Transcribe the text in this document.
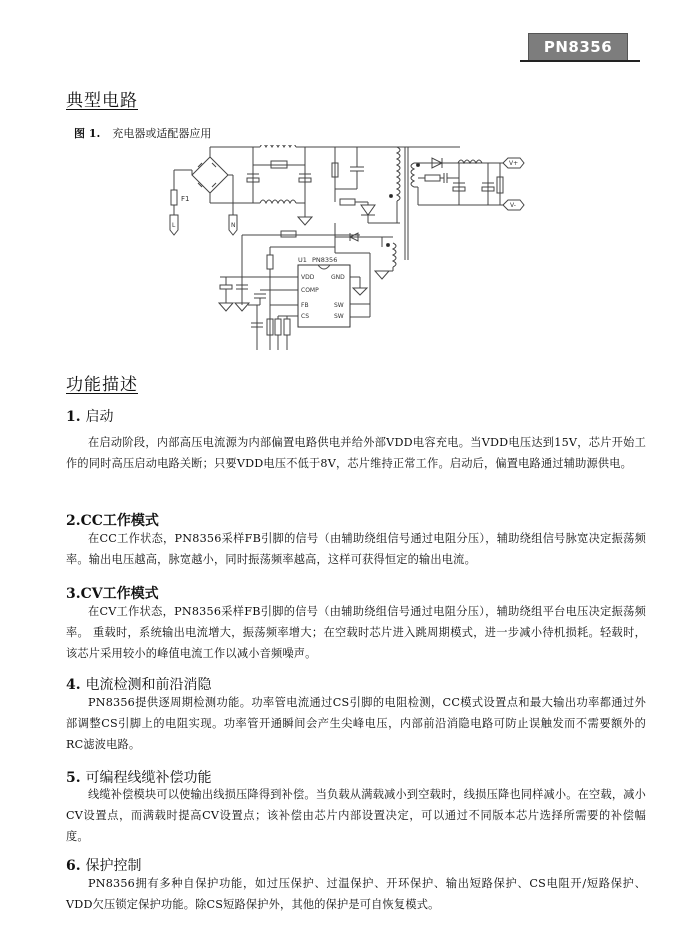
PN8356
典型电路
图 1. 充电器或适配器应用
F1
L	N
U1 PN8356
VDD
COMP
FB
CS
GND
SW
SW
V+
V-
功能描述
1. 启动
在启动阶段，内部高压电流源为内部偏置电路供电并给外部VDD电容充电。当VDD电压达到15V，芯片开始工作的同时高压启动电路关断；只要VDD电压不低于8V，芯片维持正常工作。启动后，偏置电路通过辅助源供电。
2.CC工作模式
在CC工作状态，PN8356采样FB引脚的信号（由辅助绕组信号通过电阻分压），辅助绕组信号脉宽决定振荡频率。输出电压越高，脉宽越小，同时振荡频率越高，这样可获得恒定的输出电流。
3.CV工作模式
在CV工作状态，PN8356采样FB引脚的信号（由辅助绕组信号通过电阻分压），辅助绕组平台电压决定振荡频率。 重载时，系统输出电流增大，振荡频率增大；在空载时芯片进入跳周期模式，进一步减小待机损耗。轻载时，该芯片采用较小的峰值电流工作以减小音频噪声。
4. 电流检测和前沿消隐
PN8356提供逐周期检测功能。功率管电流通过CS引脚的电阻检测，CC模式设置点和最大输出功率都通过外部调整CS引脚上的电阻实现。功率管开通瞬间会产生尖峰电压，内部前沿消隐电路可防止误触发而不需要额外的RC滤波电路。
5. 可编程线缆补偿功能
线缆补偿模块可以使输出线损压降得到补偿。当负载从满载减小到空载时，线损压降也同样减小。在空载，减小CV设置点，而满载时提高CV设置点；该补偿由芯片内部设置决定，可以通过不同版本芯片选择所需要的补偿幅度。
6. 保护控制
PN8356拥有多种自保护功能，如过压保护、过温保护、开环保护、输出短路保护、CS电阻开/短路保护、VDD欠压锁定保护功能。除CS短路保护外，其他的保护是可自恢复模式。
